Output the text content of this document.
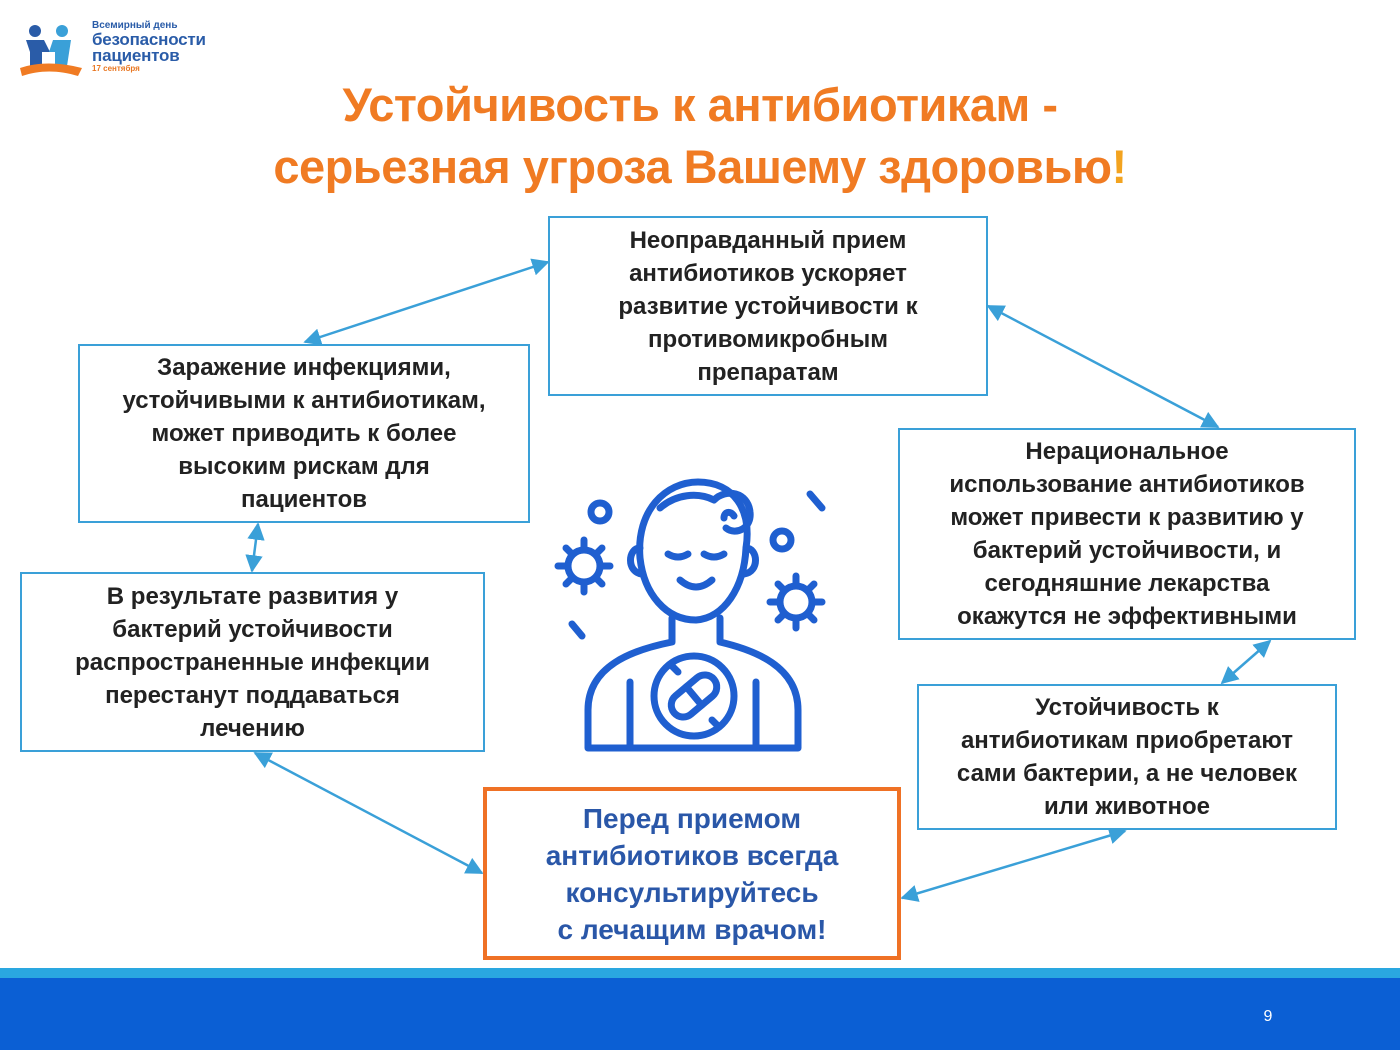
Всемирный день
безопасности
пациентов
17 сентября
Устойчивость к антибиотикам -
серьезная угроза Вашему здоровью!
Неоправданный прием
антибиотиков ускоряет
развитие устойчивости к
противомикробным
препаратам
Заражение инфекциями,
устойчивыми к антибиотикам,
может приводить к более
высоким рискам для
пациентов
В результате развития у
бактерий устойчивости
распространенные инфекции
перестанут поддаваться
лечению
Нерациональное
использование антибиотиков
может привести к развитию у
бактерий устойчивости, и
сегодняшние лекарства
окажутся не эффективными
Устойчивость к
антибиотикам приобретают
сами бактерии, а не человек
или животное
Перед приемом
антибиотиков всегда
консультируйтесь
с лечащим врачом!
9
